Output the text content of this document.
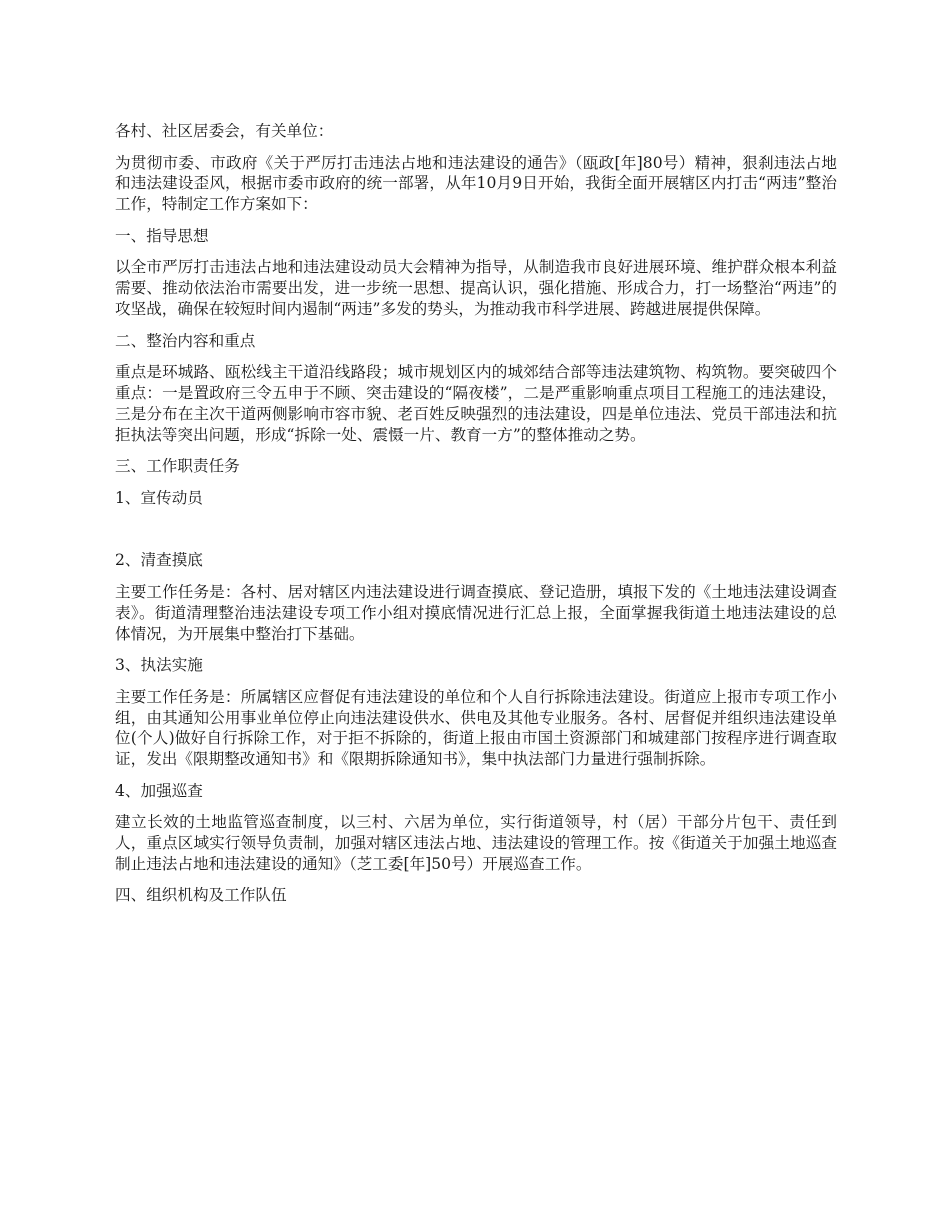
各村、社区居委会，有关单位：

为贯彻市委、市政府《关于严厉打击违法占地和违法建设的通告》（瓯政[年]80号）精神，狠刹违法占地和违法建设歪风，根据市委市政府的统一部署，从年10月9日开始，我街全面开展辖区内打击“两违”整治工作，特制定工作方案如下：

一、指导思想

以全市严厉打击违法占地和违法建设动员大会精神为指导，从制造我市良好进展环境、维护群众根本利益需要、推动依法治市需要出发，进一步统一思想、提高认识，强化措施、形成合力，打一场整治“两违”的攻坚战，确保在较短时间内遏制“两违”多发的势头，为推动我市科学进展、跨越进展提供保障。

二、整治内容和重点

重点是环城路、瓯松线主干道沿线路段；城市规划区内的城郊结合部等违法建筑物、构筑物。要突破四个重点：一是置政府三令五申于不顾、突击建设的“隔夜楼”，二是严重影响重点项目工程施工的违法建设，三是分布在主次干道两侧影响市容市貌、老百姓反映强烈的违法建设，四是单位违法、党员干部违法和抗拒执法等突出问题，形成“拆除一处、震慑一片、教育一方”的整体推动之势。

三、工作职责任务

1、宣传动员

2、清查摸底

主要工作任务是：各村、居对辖区内违法建设进行调查摸底、登记造册，填报下发的《土地违法建设调查表》。街道清理整治违法建设专项工作小组对摸底情况进行汇总上报，全面掌握我街道土地违法建设的总体情况，为开展集中整治打下基础。

3、执法实施

主要工作任务是：所属辖区应督促有违法建设的单位和个人自行拆除违法建设。街道应上报市专项工作小组，由其通知公用事业单位停止向违法建设供水、供电及其他专业服务。各村、居督促并组织违法建设单位(个人)做好自行拆除工作，对于拒不拆除的，街道上报由市国土资源部门和城建部门按程序进行调查取证，发出《限期整改通知书》和《限期拆除通知书》，集中执法部门力量进行强制拆除。

4、加强巡查

建立长效的土地监管巡查制度，以三村、六居为单位，实行街道领导，村（居）干部分片包干、责任到人，重点区域实行领导负责制，加强对辖区违法占地、违法建设的管理工作。按《街道关于加强土地巡查制止违法占地和违法建设的通知》（芝工委[年]50号）开展巡查工作。

四、组织机构及工作队伍
